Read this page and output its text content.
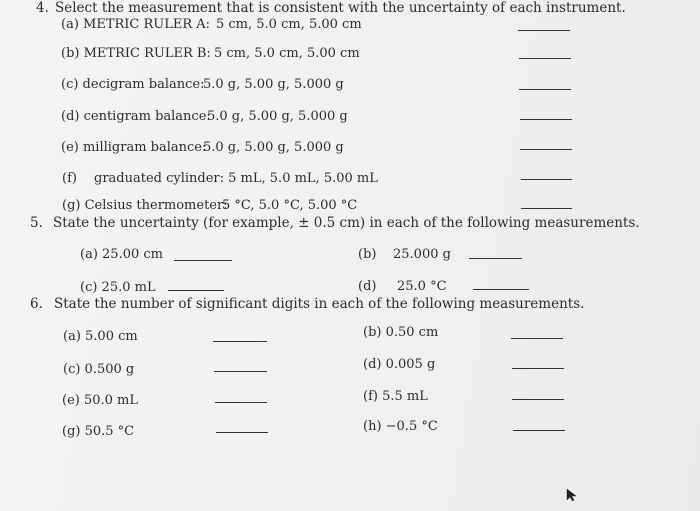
4. Select the measurement that is consistent with the uncertainty of each instrument.
(a) METRIC RULER A: 5 cm, 5.0 cm, 5.00 cm
(b) METRIC RULER B: 5 cm, 5.0 cm, 5.00 cm
(c) decigram balance:
5.0 g, 5.00 g, 5.000 g
(d) centigram balance:
5.0 g, 5.00 g, 5.000 g
(e) milligram balance:
5.0 g, 5.00 g, 5.000 g
(f) graduated cylinder: 5 mL, 5.0 mL, 5.00 mL
(g) Celsius thermometer:
5 °C, 5.0 °C, 5.00 °C
5. State the uncertainty (for example, ± 0.5 cm) in each of the following measurements.
(a) 25.00 cm	(b) 25.000 g
(c) 25.0 mL	(d) 25.0 °C
6. State the number of significant digits in each of the following measurements.
(a) 5.00 cm	(b) 0.50 cm
(c) 0.500 g	(d) 0.005 g
(e) 50.0 mL	(f) 5.5 mL
(g) 50.5 °C	(h) −0.5 °C
